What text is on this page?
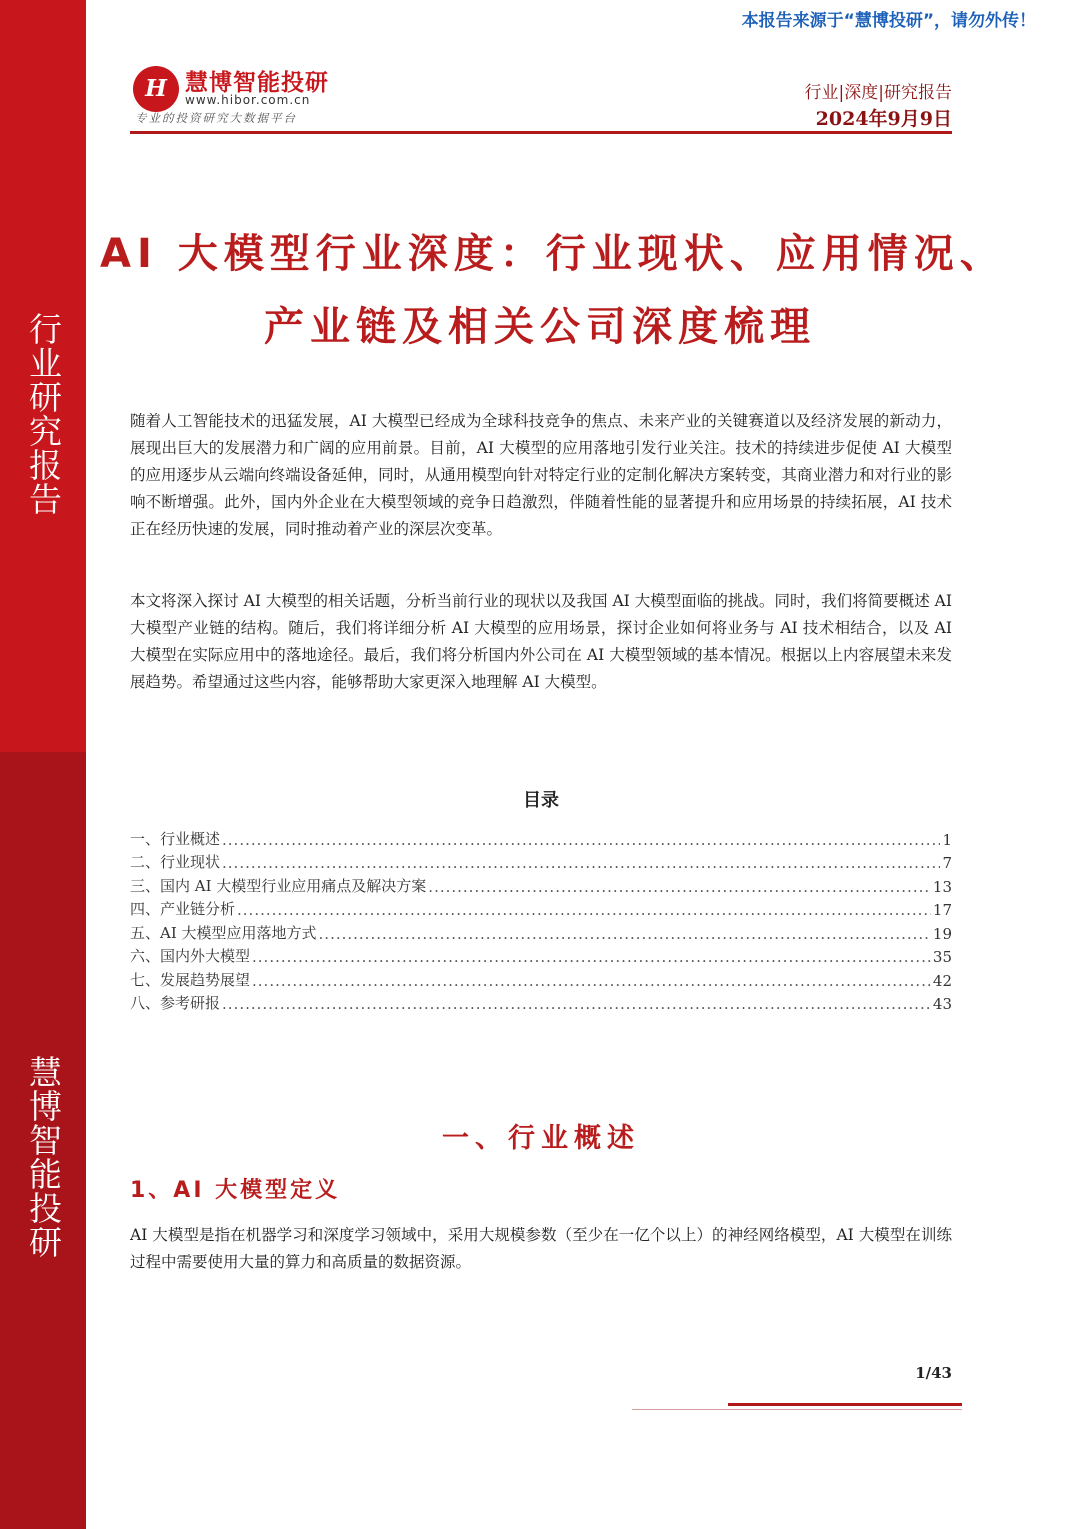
行业研究报告
慧博智能投研
本报告来源于“慧博投研”，请勿外传！
H 慧博智能投研
www.hibor.com.cn
专业的投资研究大数据平台
行业|深度|研究报告
2024年9月9日
AI 大模型行业深度：行业现状、应用情况、
产业链及相关公司深度梳理

随着人工智能技术的迅猛发展，AI 大模型已经成为全球科技竞争的焦点、未来产业的关键赛道以及经济发展的新动力，展现出巨大的发展潜力和广阔的应用前景。目前，AI 大模型的应用落地引发行业关注。技术的持续进步促使 AI 大模型的应用逐步从云端向终端设备延伸，同时，从通用模型向针对特定行业的定制化解决方案转变，其商业潜力和对行业的影响不断增强。此外，国内外企业在大模型领域的竞争日趋激烈，伴随着性能的显著提升和应用场景的持续拓展，AI 技术正在经历快速的发展，同时推动着产业的深层次变革。

本文将深入探讨 AI 大模型的相关话题，分析当前行业的现状以及我国 AI 大模型面临的挑战。同时，我们将简要概述 AI 大模型产业链的结构。随后，我们将详细分析 AI 大模型的应用场景，探讨企业如何将业务与 AI 技术相结合，以及 AI 大模型在实际应用中的落地途径。最后，我们将分析国内外公司在 AI 大模型领域的基本情况。根据以上内容展望未来发展趋势。希望通过这些内容，能够帮助大家更深入地理解 AI 大模型。

目录
一、行业概述 .....	1
二、行业现状 .....	7
三、国内 AI 大模型行业应用痛点及解决方案 .....	13
四、产业链分析 .....	17
五、AI 大模型应用落地方式 .....	19
六、国内外大模型 .....	35
七、发展趋势展望 .....	42
八、参考研报 .....	43
一、行业概述
1、AI 大模型定义

AI 大模型是指在机器学习和深度学习领域中，采用大规模参数（至少在一亿个以上）的神经网络模型，AI 大模型在训练过程中需要使用大量的算力和高质量的数据资源。

1/43
